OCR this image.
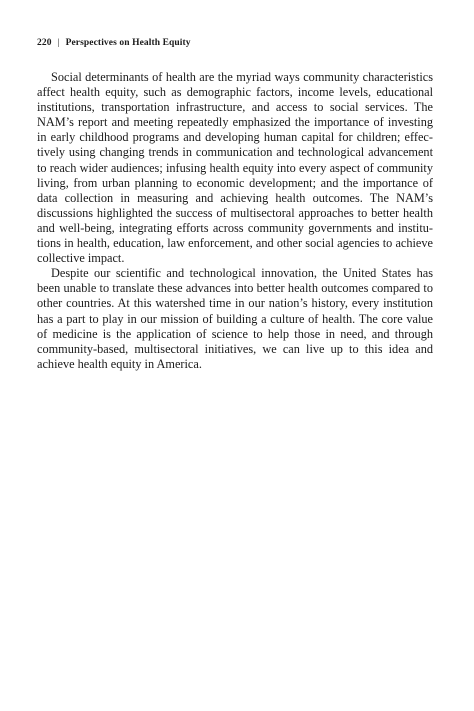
220 | Perspectives on Health Equity

Social determinants of health are the myriad ways community characteristics affect health equity, such as demographic factors, income levels, educational institutions, transportation infrastructure, and access to social services. The NAM’s report and meeting repeatedly emphasized the importance of investing in early childhood programs and developing human capital for children; effectively using changing trends in communication and technological advancement to reach wider audiences; infusing health equity into every aspect of community living, from urban planning to economic development; and the importance of data collection in measuring and achieving health outcomes. The NAM’s discussions highlighted the success of multisectoral approaches to better health and well-being, integrating efforts across community governments and institutions in health, education, law enforcement, and other social agencies to achieve collective impact.

Despite our scientific and technological innovation, the United States has been unable to translate these advances into better health outcomes compared to other countries. At this watershed time in our nation’s history, every institution has a part to play in our mission of building a culture of health. The core value of medicine is the application of science to help those in need, and through community-based, multisectoral initiatives, we can live up to this idea and achieve health equity in America.
